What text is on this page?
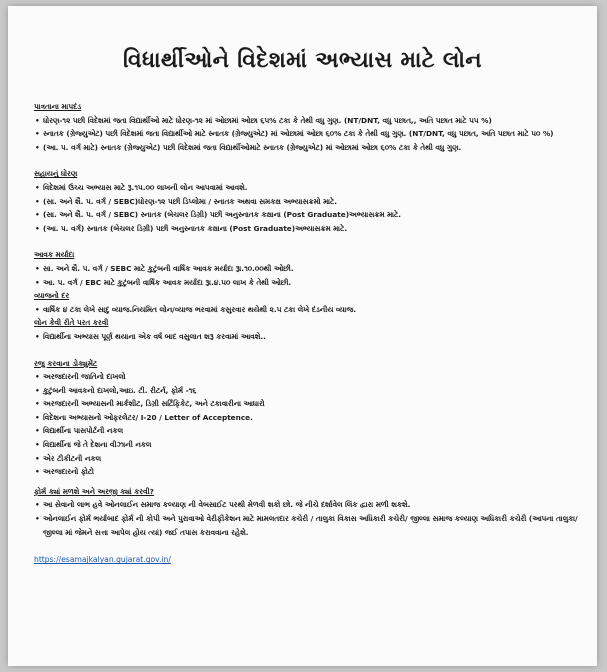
વિધાર્થીઓને વિદેશમાં અભ્યાસ માટે લોન
પાત્રતાના માપદંડ
• ધોરણ-૧૨ પછી વિદેશમાં જતા વિદ્યાર્થીઓ માટે ધોરણ-૧૨ માં ઓછામાં ઓછા ૬૫% ટકા કે તેથી વધુ ગુણ. (NT/DNT, વધુ પછાત,, અતિ પછાત માટે ૫૫ %)
• સ્નાતક (ગ્રેજ્યુએટ) પછી વિદેશમાં જતા વિદ્યાર્થીઓ માટે સ્નાતક (ગ્રેજ્યુએટ) માં ઓછામાં ઓછા ૬૦% ટકા કે તેથી વધુ ગુણ. (NT/DNT, વધુ પછાત, અતિ પછાત માટે ૫૦ %)
• (આ. પ. વર્ગ માટે) સ્નાતક (ગ્રેજ્યુએટ) પછી વિદેશમાં જતા વિદ્યાર્થીઓમાટે સ્નાતક (ગ્રેજ્યુએટ) માં ઓછામાં ઓછા ૬૦% ટકા કે તેથી વધુ ગુણ.
સહાયનું ધોરણ
• વિદેશમાં ઉચ્ચ અભ્યાસ માટે રૂ.૧૫.૦૦ લાખની લોન આપવામાં આવશે.
• (સા. અને શૈ. પ. વર્ગ / SEBC)ધોરણ-૧૨ પછી ડિપ્લોમા / સ્નાતક અથવા સમકક્ષ અભ્યાસક્રમો માટે.
• (સા. અને શૈ. પ. વર્ગ / SEBC) સ્નાતક (બેચલર ડિગ્રી) પછી અનુસ્નાતક કક્ષાના (Post Graduate)અભ્યાસક્રમ માટે.
• (આ. પ. વર્ગ) સ્નાતક (બેચલર ડિગ્રી) પછી અનુસ્નાતક કક્ષાના (Post Graduate)અભ્યાસક્રમ માટે.
આવક મર્યાદા
• સા. અને શૈ. પ. વર્ગ / SEBC માટે કુટુંબની વાર્ષિક આવક મર્યાદા રૂા.૧૦.૦૦થી ઓછી.
• આ. પ. વર્ગ / EBC માટે કુટુંબની વાર્ષિક આવક મર્યાદા રૂા.૪.૫૦ લાખ કે તેથી ઓછી.
વ્યાજનો દર
• વાર્ષિક ૪ ટકા લેખે સાદુ વ્યાજ.નિયમિત લોન/વ્યાજ ભરવામાં કસુરવાર થયેથી ૨.૫ ટકા લેખે દંડનીય વ્યાજ.
લોન કેવી રીતે પરત કરવી
• વિદ્યાર્થીના અભ્યાસ પૂર્ણ થયાના એક વર્ષ બાદ વસુલાત શરૂ કરવામાં આવશે..
રજુ કરવાના ડોક્યુમેંટ
• અરજદારની જાતિનો દાખલો
• કુટુંબની આવકનો દાખલો,આઇ. ટી. રીટર્ન, ફોર્મ -૧૬
• અરજદારની અભ્યાસની માર્કશીટ, ડિગ્રી સર્ટિફિકેટ, અને ટકાવારીના આધારો
• વિદેશના અભ્યાસનો ઓફરલેટર/ I-20 / Letter of Acceptence.
• વિદ્યાર્થીના પાસપોર્ટની નકલ
• વિદ્યાર્થીના જે તે દેશના વીઝાની નકલ
• એર ટીકીટની નકલ
• અરજદારનો ફોટો
ફોર્મ ક્યાં મળશે અને અરજી ક્યાં કરવી?
• આ સેવાનો લાભ હવે ઓનલાઈન સમાજ કલ્યાણ ની વેબસાઈટ પરથી મેળવી શકો છો. જે નીચે દર્શાવેલ લિંક દ્વારા મળી શકશે.
• ઓનલાઈન ફોર્મ ભર્યાબાદ ફોર્મ ની કોપી અને પુરાવાઓ વેરીફીકેશન માટે મામલતદાર કચેરી / તાલુકા વિકાસ અધિકારી કચેરી/ જીલ્લા સમાજ કલ્યાણ અધિકારી કચેરી (આપના તાલુકા/જીલ્લા માં જેમને સત્તા આપેલ હોય ત્યાં) જઈ તપાસ કરાવવાના રહેશે.
https://esamajkalyan.gujarat.gov.in/
